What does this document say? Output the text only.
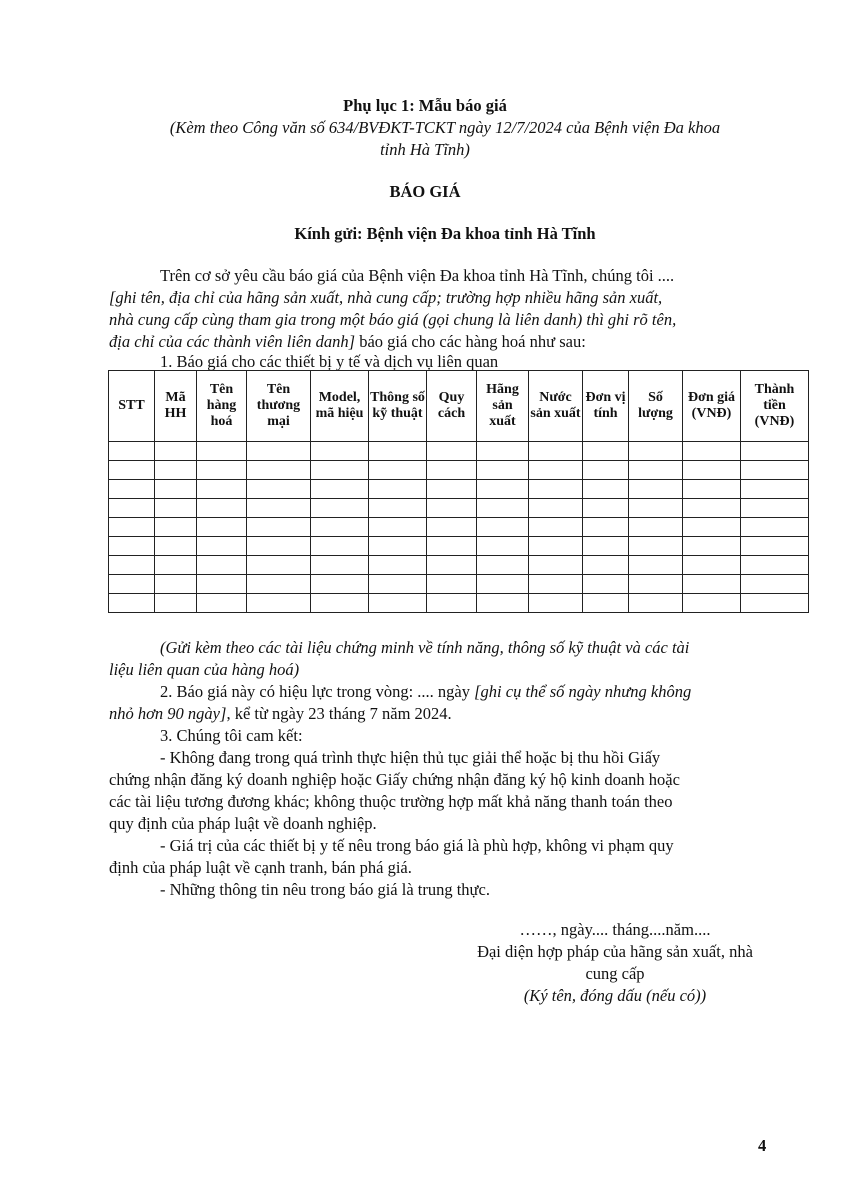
Phụ lục 1: Mẫu báo giá
(Kèm theo Công văn số 634/BVĐKT-TCKT ngày 12/7/2024 của Bệnh viện Đa khoa
tỉnh Hà Tĩnh)
BÁO GIÁ
Kính gửi: Bệnh viện Đa khoa tỉnh Hà Tĩnh
Trên cơ sở yêu cầu báo giá của Bệnh viện Đa khoa tỉnh Hà Tĩnh, chúng tôi ....
[ghi tên, địa chỉ của hãng sản xuất, nhà cung cấp; trường hợp nhiều hãng sản xuất,
nhà cung cấp cùng tham gia trong một báo giá (gọi chung là liên danh) thì ghi rõ tên,
địa chỉ của các thành viên liên danh] báo giá cho các hàng hoá như sau:
1. Báo giá cho các thiết bị y tế và dịch vụ liên quan
STT	Mã HH	Tên hàng hoá	Tên thương mại	Model, mã hiệu	Thông số kỹ thuật	Quy cách	Hãng sản xuất	Nước sản xuất	Đơn vị tính	Số lượng	Đơn giá (VNĐ)	Thành tiền (VNĐ)

(Gửi kèm theo các tài liệu chứng minh về tính năng, thông số kỹ thuật và các tài
liệu liên quan của hàng hoá)
2. Báo giá này có hiệu lực trong vòng: .... ngày [ghi cụ thể số ngày nhưng không
nhỏ hơn 90 ngày], kể từ ngày 23 tháng 7 năm 2024.
3. Chúng tôi cam kết:
- Không đang trong quá trình thực hiện thủ tục giải thể hoặc bị thu hồi Giấy
chứng nhận đăng ký doanh nghiệp hoặc Giấy chứng nhận đăng ký hộ kinh doanh hoặc
các tài liệu tương đương khác; không thuộc trường hợp mất khả năng thanh toán theo
quy định của pháp luật về doanh nghiệp.
- Giá trị của các thiết bị y tế nêu trong báo giá là phù hợp, không vi phạm quy
định của pháp luật về cạnh tranh, bán phá giá.
- Những thông tin nêu trong báo giá là trung thực.
……, ngày.... tháng....năm....
Đại diện hợp pháp của hãng sản xuất, nhà
cung cấp
(Ký tên, đóng dấu (nếu có))
4
